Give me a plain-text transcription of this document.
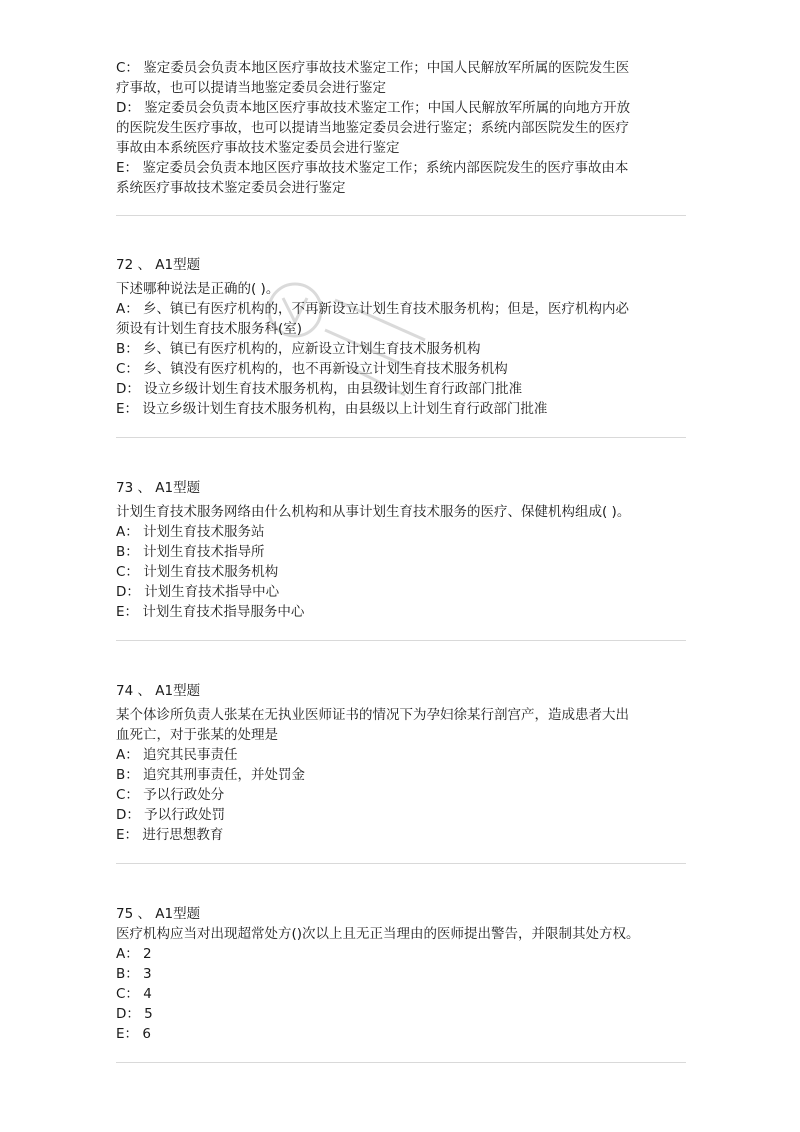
C： 鉴定委员会负责本地区医疗事故技术鉴定工作；中国人民解放军所属的医院发生医
疗事故，也可以提请当地鉴定委员会进行鉴定
D： 鉴定委员会负责本地区医疗事故技术鉴定工作；中国人民解放军所属的向地方开放
的医院发生医疗事故，也可以提请当地鉴定委员会进行鉴定；系统内部医院发生的医疗
事故由本系统医疗事故技术鉴定委员会进行鉴定
E： 鉴定委员会负责本地区医疗事故技术鉴定工作；系统内部医院发生的医疗事故由本
系统医疗事故技术鉴定委员会进行鉴定
72 、 A1型题
下述哪种说法是正确的( )。
A： 乡、镇已有医疗机构的，不再新设立计划生育技术服务机构；但是，医疗机构内必
须设有计划生育技术服务科(室)
B： 乡、镇已有医疗机构的，应新设立计划生育技术服务机构
C： 乡、镇没有医疗机构的，也不再新设立计划生育技术服务机构
D： 设立乡级计划生育技术服务机构，由县级计划生育行政部门批准
E： 设立乡级计划生育技术服务机构，由县级以上计划生育行政部门批准
73 、 A1型题
计划生育技术服务网络由什么机构和从事计划生育技术服务的医疗、保健机构组成( )。
A： 计划生育技术服务站
B： 计划生育技术指导所
C： 计划生育技术服务机构
D： 计划生育技术指导中心
E： 计划生育技术指导服务中心
74 、 A1型题
某个体诊所负责人张某在无执业医师证书的情况下为孕妇徐某行剖宫产，造成患者大出
血死亡，对于张某的处理是
A： 追究其民事责任
B： 追究其刑事责任，并处罚金
C： 予以行政处分
D： 予以行政处罚
E： 进行思想教育
75 、 A1型题
医疗机构应当对出现超常处方()次以上且无正当理由的医师提出警告，并限制其处方权。
A： 2
B： 3
C： 4
D： 5
E： 6
